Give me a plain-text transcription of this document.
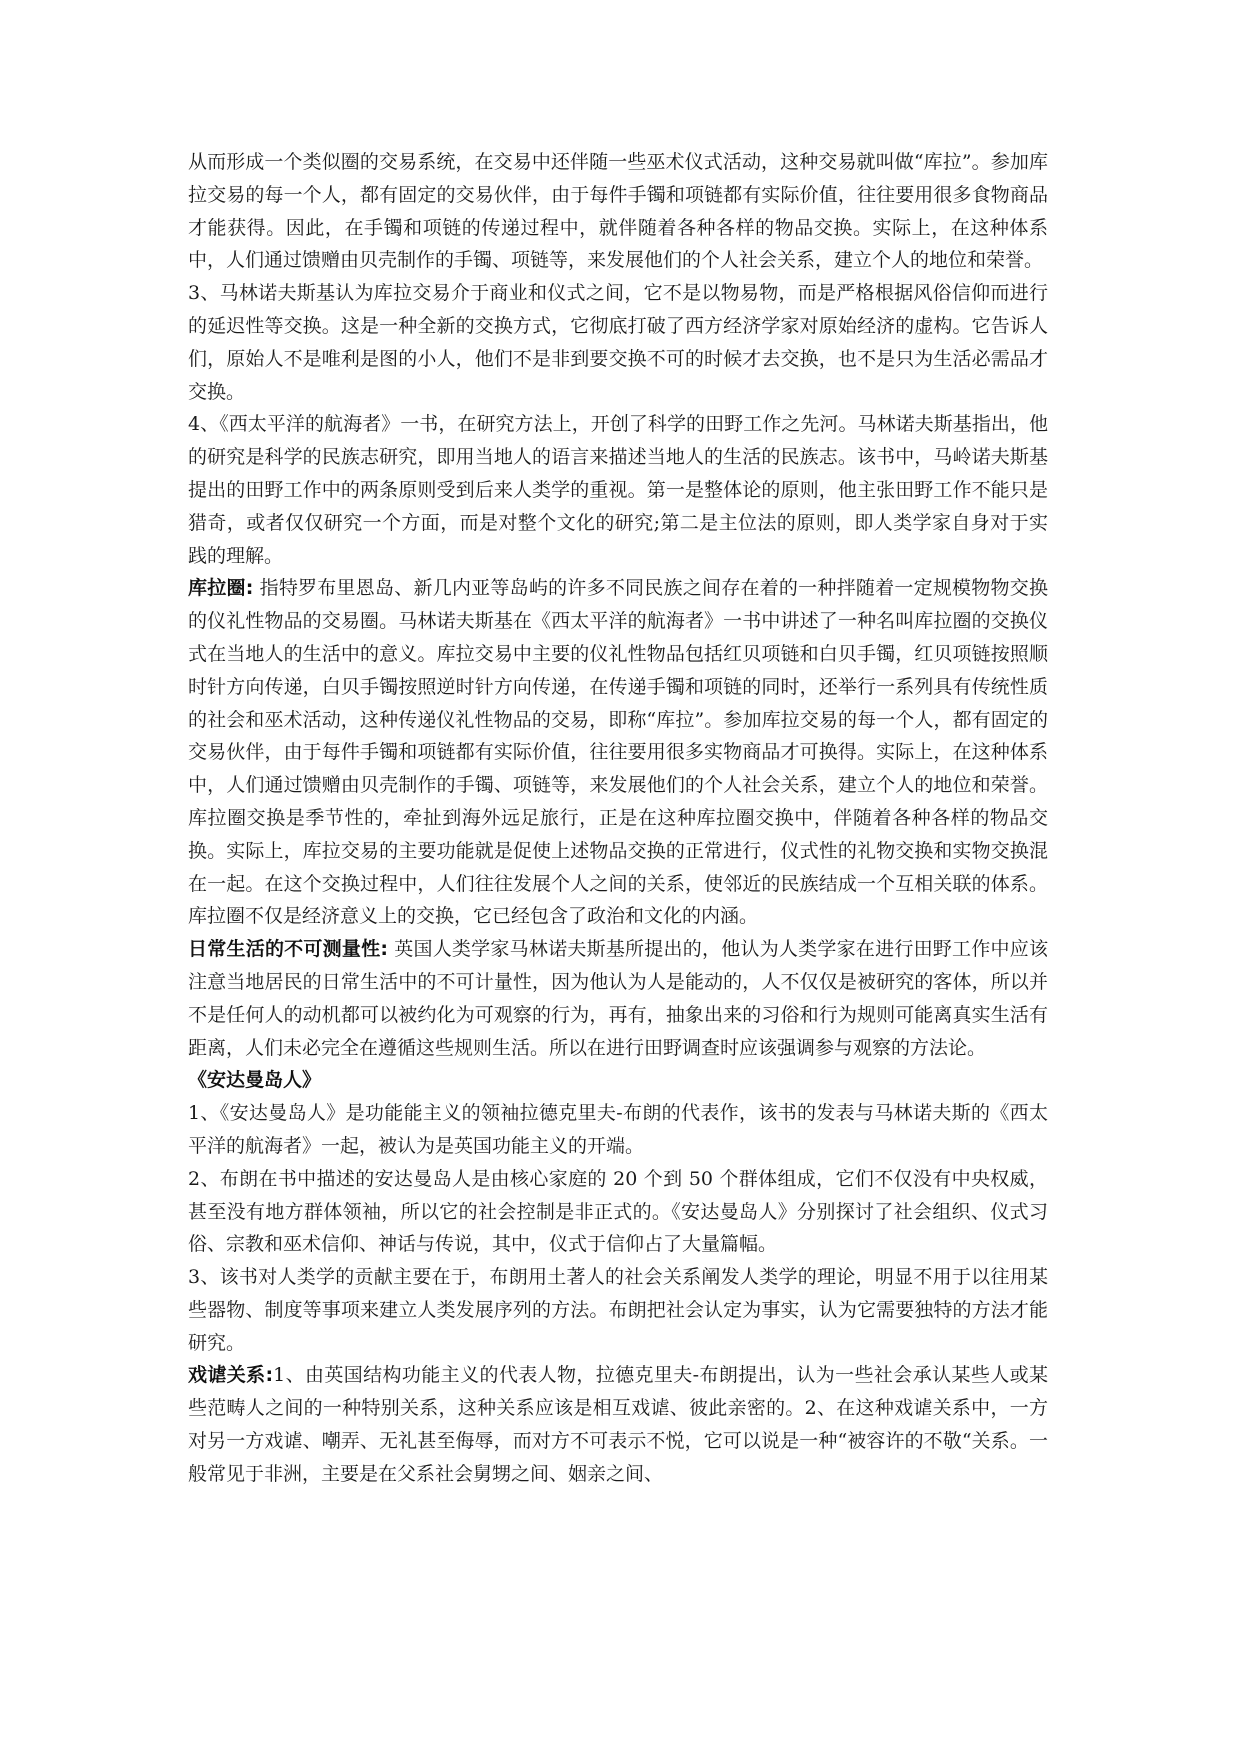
从而形成一个类似圈的交易系统，在交易中还伴随一些巫术仪式活动，这种交易就叫做“库拉”。参加库拉交易的每一个人，都有固定的交易伙伴，由于每件手镯和项链都有实际价值，往往要用很多食物商品才能获得。因此，在手镯和项链的传递过程中，就伴随着各种各样的物品交换。实际上，在这种体系中，人们通过馈赠由贝壳制作的手镯、项链等，来发展他们的个人社会关系，建立个人的地位和荣誉。

3、马林诺夫斯基认为库拉交易介于商业和仪式之间，它不是以物易物，而是严格根据风俗信仰而进行的延迟性等交换。这是一种全新的交换方式，它彻底打破了西方经济学家对原始经济的虚构。它告诉人们，原始人不是唯利是图的小人，他们不是非到要交换不可的时候才去交换，也不是只为生活必需品才交换。

4、《西太平洋的航海者》一书，在研究方法上，开创了科学的田野工作之先河。马林诺夫斯基指出，他的研究是科学的民族志研究，即用当地人的语言来描述当地人的生活的民族志。该书中，马岭诺夫斯基提出的田野工作中的两条原则受到后来人类学的重视。第一是整体论的原则，他主张田野工作不能只是猎奇，或者仅仅研究一个方面，而是对整个文化的研究;第二是主位法的原则，即人类学家自身对于实践的理解。

库拉圈: 指特罗布里恩岛、新几内亚等岛屿的许多不同民族之间存在着的一种拌随着一定规模物物交换的仪礼性物品的交易圈。马林诺夫斯基在《西太平洋的航海者》一书中讲述了一种名叫库拉圈的交换仪式在当地人的生活中的意义。库拉交易中主要的仪礼性物品包括红贝项链和白贝手镯，红贝项链按照顺时针方向传递，白贝手镯按照逆时针方向传递，在传递手镯和项链的同时，还举行一系列具有传统性质的社会和巫术活动，这种传递仪礼性物品的交易，即称“库拉”。参加库拉交易的每一个人，都有固定的交易伙伴，由于每件手镯和项链都有实际价值，往往要用很多实物商品才可换得。实际上，在这种体系中，人们通过馈赠由贝壳制作的手镯、项链等，来发展他们的个人社会关系，建立个人的地位和荣誉。库拉圈交换是季节性的，牵扯到海外远足旅行，正是在这种库拉圈交换中，伴随着各种各样的物品交换。实际上，库拉交易的主要功能就是促使上述物品交换的正常进行，仪式性的礼物交换和实物交换混在一起。在这个交换过程中，人们往往发展个人之间的关系，使邻近的民族结成一个互相关联的体系。库拉圈不仅是经济意义上的交换，它已经包含了政治和文化的内涵。

日常生活的不可测量性: 英国人类学家马林诺夫斯基所提出的，他认为人类学家在进行田野工作中应该注意当地居民的日常生活中的不可计量性，因为他认为人是能动的，人不仅仅是被研究的客体，所以并不是任何人的动机都可以被约化为可观察的行为，再有，抽象出来的习俗和行为规则可能离真实生活有距离，人们未必完全在遵循这些规则生活。所以在进行田野调查时应该强调参与观察的方法论。

《安达曼岛人》

1、《安达曼岛人》是功能能主义的领袖拉德克里夫-布朗的代表作，该书的发表与马林诺夫斯的《西太平洋的航海者》一起，被认为是英国功能主义的开端。

2、布朗在书中描述的安达曼岛人是由核心家庭的 20 个到 50 个群体组成，它们不仅没有中央权威，甚至没有地方群体领袖，所以它的社会控制是非正式的。《安达曼岛人》分别探讨了社会组织、仪式习俗、宗教和巫术信仰、神话与传说，其中，仪式于信仰占了大量篇幅。

3、该书对人类学的贡献主要在于，布朗用土著人的社会关系阐发人类学的理论，明显不用于以往用某些器物、制度等事项来建立人类发展序列的方法。布朗把社会认定为事实，认为它需要独特的方法才能研究。

戏谑关系:1、由英国结构功能主义的代表人物，拉德克里夫-布朗提出，认为一些社会承认某些人或某些范畴人之间的一种特别关系，这种关系应该是相互戏谑、彼此亲密的。2、在这种戏谑关系中，一方对另一方戏谑、嘲弄、无礼甚至侮辱，而对方不可表示不悦，它可以说是一种“被容许的不敬“关系。一般常见于非洲，主要是在父系社会舅甥之间、姻亲之间、
